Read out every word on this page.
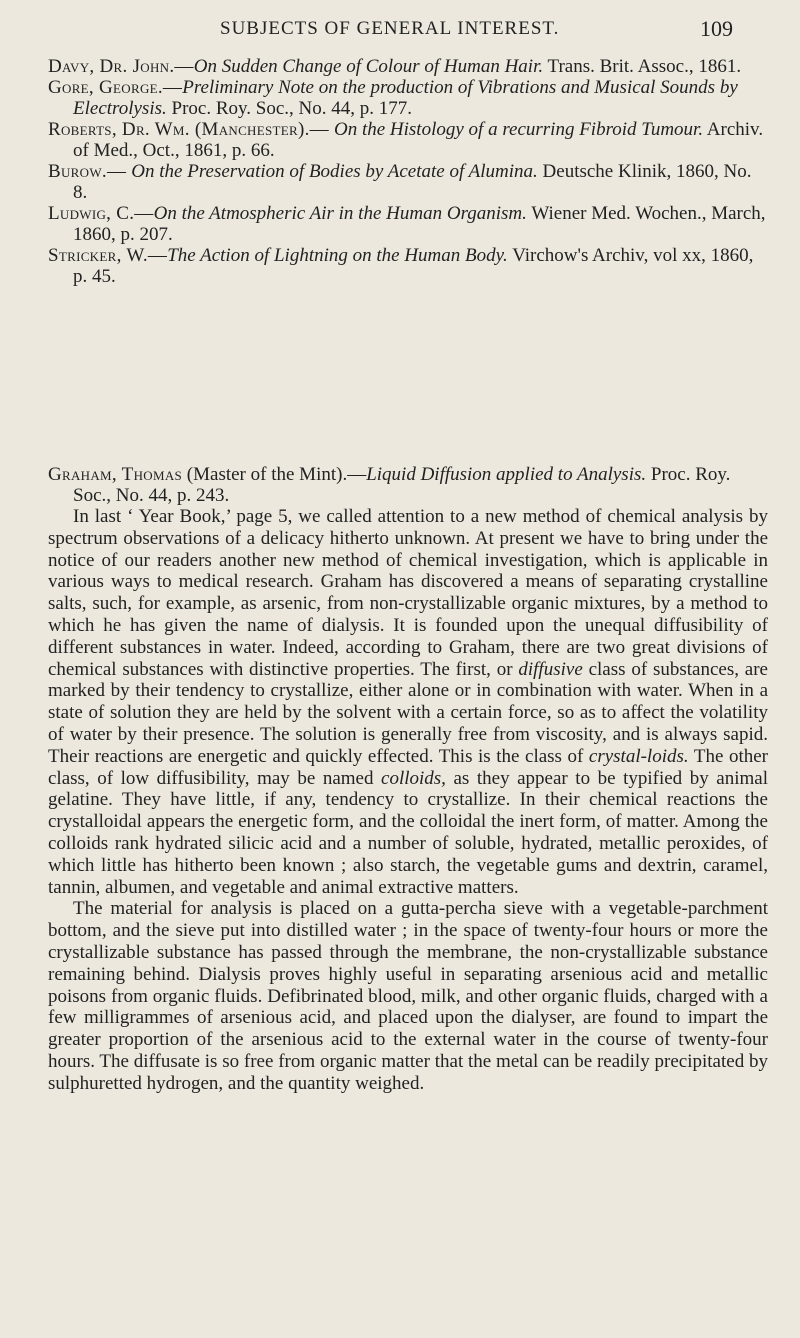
SUBJECTS OF GENERAL INTEREST.	109

Davy, Dr. John.—On Sudden Change of Colour of Human Hair. Trans. Brit. Assoc., 1861.

Gore, George.—Preliminary Note on the production of Vibrations and Musical Sounds by Electrolysis. Proc. Roy. Soc., No. 44, p. 177.

Roberts, Dr. Wm. (Manchester).— On the Histology of a recurring Fibroid Tumour. Archiv. of Med., Oct., 1861, p. 66.

Burow.— On the Preservation of Bodies by Acetate of Alumina. Deutsche Klinik, 1860, No. 8.

Ludwig, C.—On the Atmospheric Air in the Human Organism. Wiener Med. Wochen., March, 1860, p. 207.

Stricker, W.—The Action of Lightning on the Human Body. Virchow's Archiv, vol xx, 1860, p. 45.

Graham, Thomas (Master of the Mint).—Liquid Diffusion applied to Analysis. Proc. Roy. Soc., No. 44, p. 243.

In last ‘ Year Book,’ page 5, we called attention to a new method of chemical analysis by spectrum observations of a delicacy hitherto unknown. At present we have to bring under the notice of our readers another new method of chemical investigation, which is applicable in various ways to medical research. Graham has discovered a means of separating crystalline salts, such, for example, as arsenic, from non-crystallizable organic mixtures, by a method to which he has given the name of dialysis. It is founded upon the unequal diffusibility of different substances in water. Indeed, according to Graham, there are two great divisions of chemical substances with distinctive properties. The first, or diffusive class of substances, are marked by their tendency to crystallize, either alone or in combination with water. When in a state of solution they are held by the solvent with a certain force, so as to affect the volatility of water by their presence. The solution is generally free from viscosity, and is always sapid. Their reactions are energetic and quickly effected. This is the class of crystal-loids. The other class, of low diffusibility, may be named colloids, as they appear to be typified by animal gelatine. They have little, if any, tendency to crystallize. In their chemical reactions the crystalloidal appears the energetic form, and the colloidal the inert form, of matter. Among the colloids rank hydrated silicic acid and a number of soluble, hydrated, metallic peroxides, of which little has hitherto been known ; also starch, the vegetable gums and dextrin, caramel, tannin, albumen, and vegetable and animal extractive matters.

The material for analysis is placed on a gutta-percha sieve with a vegetable-parchment bottom, and the sieve put into distilled water ; in the space of twenty-four hours or more the crystallizable substance has passed through the membrane, the non-crystallizable substance remaining behind. Dialysis proves highly useful in separating arsenious acid and metallic poisons from organic fluids. Defibrinated blood, milk, and other organic fluids, charged with a few milligrammes of arsenious acid, and placed upon the dialyser, are found to impart the greater proportion of the arsenious acid to the external water in the course of twenty-four hours. The diffusate is so free from organic matter that the metal can be readily precipitated by sulphuretted hydrogen, and the quantity weighed.
